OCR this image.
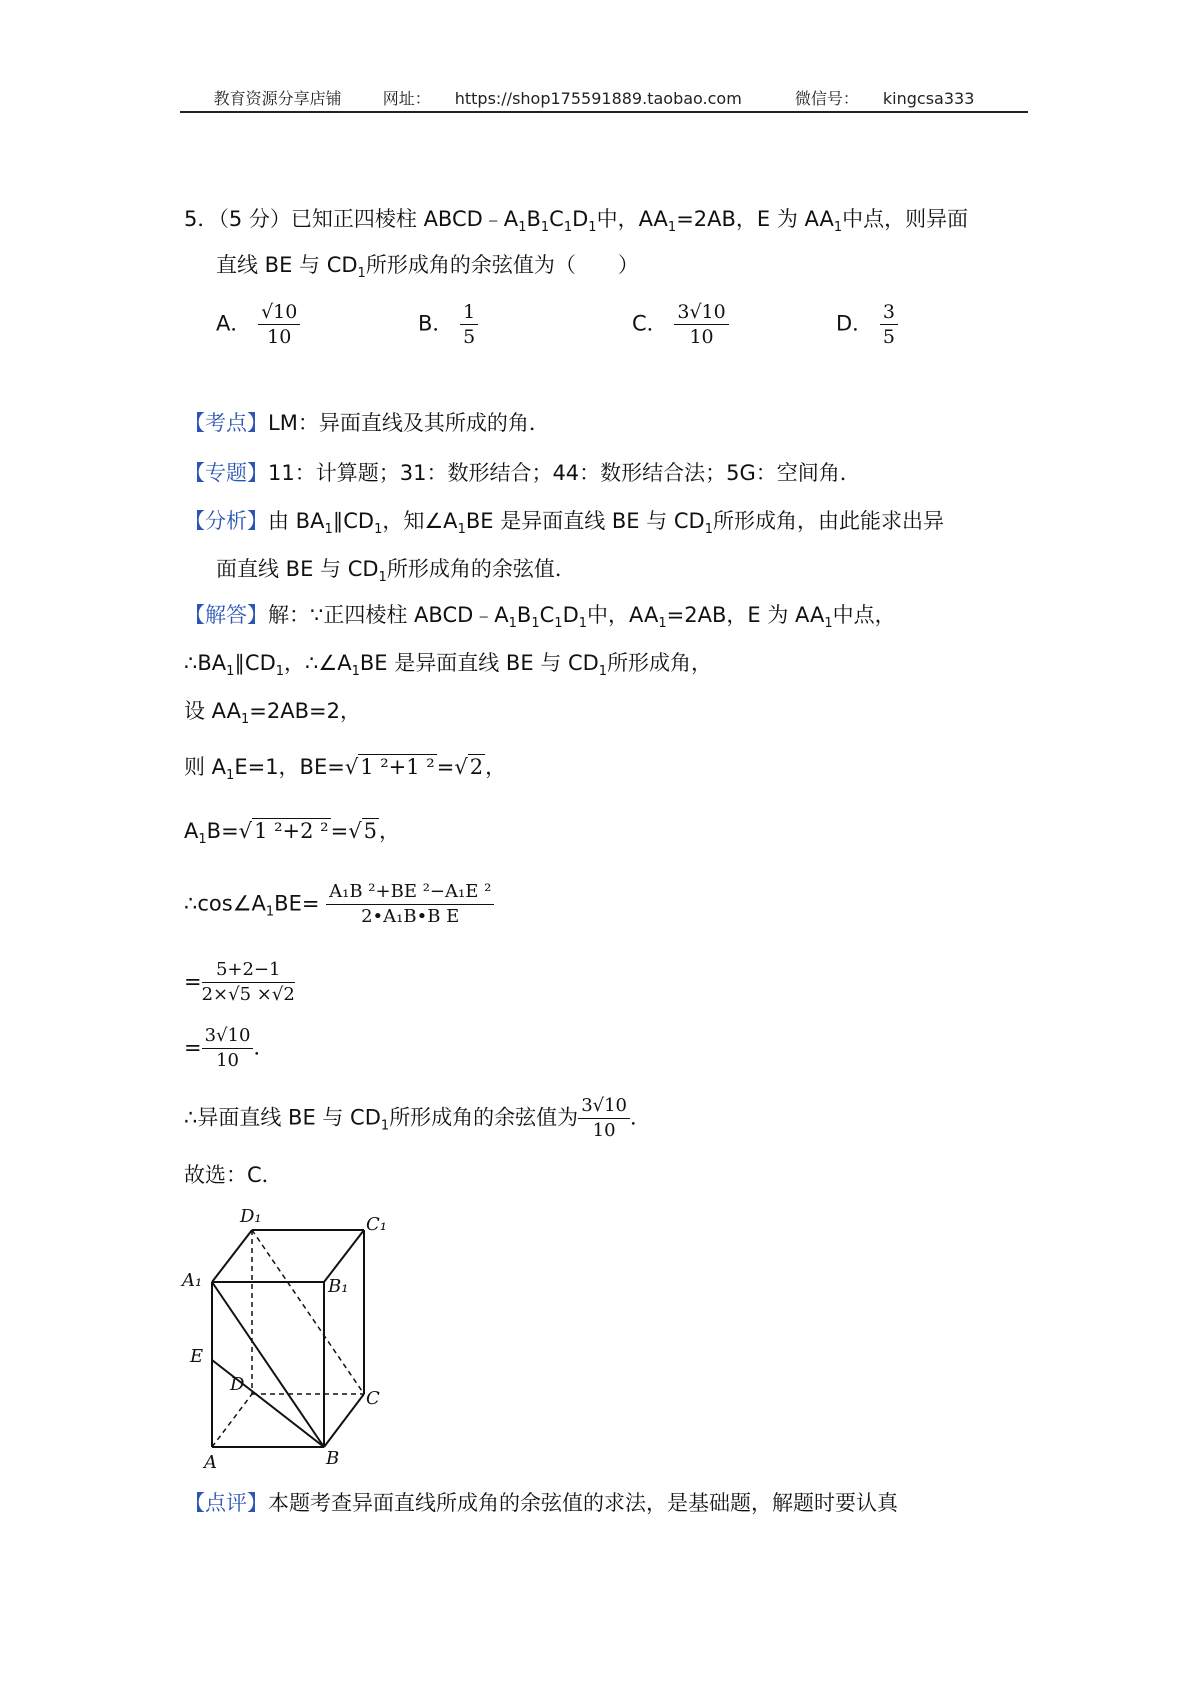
教育资源分享店铺	网址： https://shop175591889.taobao.com	微信号： kingcsa333
5．（5 分）已知正四棱柱 $ABCD﹣A_1B_1C_1D_1$中，$AA_1=2AB$，E 为 $AA_1$中点，则异面
直线 BE 与 $CD_1$所形成角的余弦值为（　　）
A． $\frac{√10}{10}$	B． $\frac{1}{5}$	C． $\frac{3√10}{10}$	D． $\frac{3}{5}$
【考点】LM：异面直线及其所成的角．
【专题】11：计算题；31：数形结合；44：数形结合法；5G：空间角．
【分析】由 $BA_1\parallel CD_1$，知$\angle A_1BE$ 是异面直线 BE 与 $CD_1$所形成角，由此能求出异
面直线 BE 与 $CD_1$所形成角的余弦值．
【解答】解：∵正四棱柱 $ABCD﹣A_1B_1C_1D_1$中，$AA_1=2AB$，E 为 $AA_1$中点，
$\therefore BA_1\parallel CD_1$，$\therefore\angle A_1BE$ 是异面直线 BE 与 $CD_1$所形成角，
设 $AA_1=2AB=2$，
则 $A_1E=1$，BE=√1 ²+1 ²=√2，
$A_1B=√1$ ²+2 ²=√5，
$\therefore\cos\angle A_1BE= \frac{\text{A₁B ²+BE ²−A₁E ²}}{\text{2•A₁B•B E}}$
= $\frac{5+2-1}{2\times√5 \times√2}$
= $\frac{3√10}{10}$ ．
∴异面直线 BE 与 $CD_1$所形成角的余弦值为 $\frac{3√10}{10}$ ．
故选：C．
D₁	C₁
A₁	B₁
E
D
C
A	B
【点评】本题考查异面直线所成角的余弦值的求法，是基础题，解题时要认真
